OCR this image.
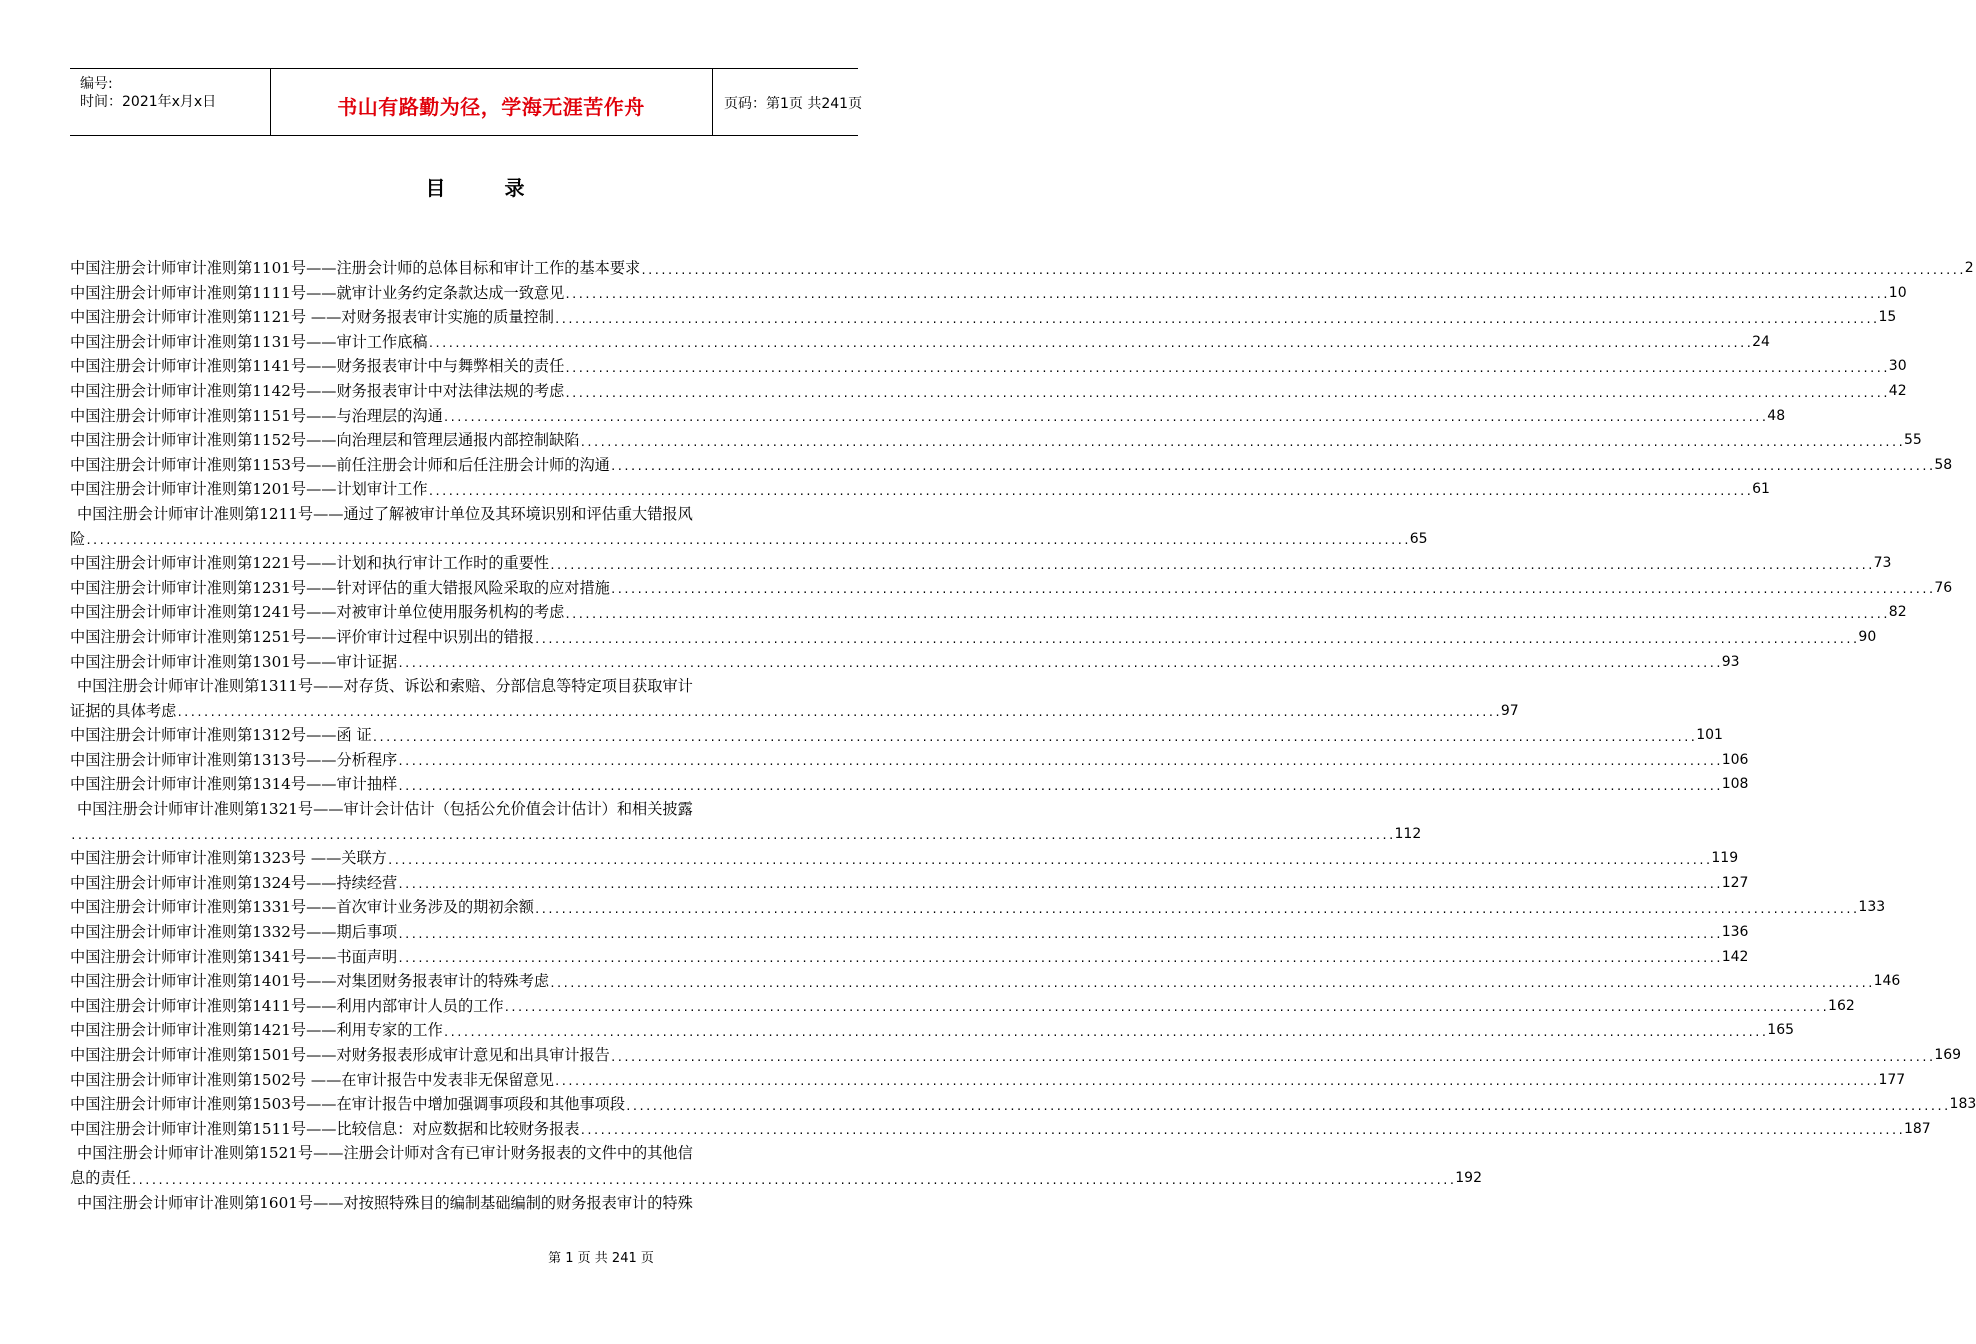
编号:
时间：2021年x月x日	书山有路勤为径，学海无涯苦作舟	页码：第1页 共241页
目 录
中国注册会计师审计准则第1101号——注册会计师的总体目标和审计工作的基本要求 ........................................................................................................................................................................................................ 2
中国注册会计师审计准则第1111号——就审计业务约定条款达成一致意见 ........................................................................................................................................................................................................ 10
中国注册会计师审计准则第1121号 ——对财务报表审计实施的质量控制 ........................................................................................................................................................................................................ 15
中国注册会计师审计准则第1131号——审计工作底稿 ........................................................................................................................................................................................................ 24
中国注册会计师审计准则第1141号——财务报表审计中与舞弊相关的责任 ........................................................................................................................................................................................................ 30
中国注册会计师审计准则第1142号——财务报表审计中对法律法规的考虑 ........................................................................................................................................................................................................ 42
中国注册会计师审计准则第1151号——与治理层的沟通 ........................................................................................................................................................................................................ 48
中国注册会计师审计准则第1152号——向治理层和管理层通报内部控制缺陷 ........................................................................................................................................................................................................ 55
中国注册会计师审计准则第1153号——前任注册会计师和后任注册会计师的沟通 ........................................................................................................................................................................................................ 58
中国注册会计师审计准则第1201号——计划审计工作 ........................................................................................................................................................................................................ 61
中国注册会计师审计准则第1211号——通过了解被审计单位及其环境识别和评估重大错报风
险 ........................................................................................................................................................................................................ 65
中国注册会计师审计准则第1221号——计划和执行审计工作时的重要性 ........................................................................................................................................................................................................ 73
中国注册会计师审计准则第1231号——针对评估的重大错报风险采取的应对措施 ........................................................................................................................................................................................................ 76
中国注册会计师审计准则第1241号——对被审计单位使用服务机构的考虑 ........................................................................................................................................................................................................ 82
中国注册会计师审计准则第1251号——评价审计过程中识别出的错报 ........................................................................................................................................................................................................ 90
中国注册会计师审计准则第1301号——审计证据 ........................................................................................................................................................................................................ 93
中国注册会计师审计准则第1311号——对存货、诉讼和索赔、分部信息等特定项目获取审计
证据的具体考虑 ........................................................................................................................................................................................................ 97
中国注册会计师审计准则第1312号——函 证 ........................................................................................................................................................................................................ 101
中国注册会计师审计准则第1313号——分析程序 ........................................................................................................................................................................................................ 106
中国注册会计师审计准则第1314号——审计抽样 ........................................................................................................................................................................................................ 108
中国注册会计师审计准则第1321号——审计会计估计（包括公允价值会计估计）和相关披露
........................................................................................................................................................................................................ 112
中国注册会计师审计准则第1323号 ——关联方 ........................................................................................................................................................................................................ 119
中国注册会计师审计准则第1324号——持续经营 ........................................................................................................................................................................................................ 127
中国注册会计师审计准则第1331号——首次审计业务涉及的期初余额 ........................................................................................................................................................................................................ 133
中国注册会计师审计准则第1332号——期后事项 ........................................................................................................................................................................................................ 136
中国注册会计师审计准则第1341号——书面声明 ........................................................................................................................................................................................................ 142
中国注册会计师审计准则第1401号——对集团财务报表审计的特殊考虑 ........................................................................................................................................................................................................ 146
中国注册会计师审计准则第1411号——利用内部审计人员的工作 ........................................................................................................................................................................................................ 162
中国注册会计师审计准则第1421号——利用专家的工作 ........................................................................................................................................................................................................ 165
中国注册会计师审计准则第1501号——对财务报表形成审计意见和出具审计报告 ........................................................................................................................................................................................................ 169
中国注册会计师审计准则第1502号 ——在审计报告中发表非无保留意见 ........................................................................................................................................................................................................ 177
中国注册会计师审计准则第1503号——在审计报告中增加强调事项段和其他事项段 ........................................................................................................................................................................................................ 183
中国注册会计师审计准则第1511号——比较信息：对应数据和比较财务报表 ........................................................................................................................................................................................................ 187
中国注册会计师审计准则第1521号——注册会计师对含有已审计财务报表的文件中的其他信
息的责任 ........................................................................................................................................................................................................ 192
中国注册会计师审计准则第1601号——对按照特殊目的编制基础编制的财务报表审计的特殊
第 1 页 共 241 页
